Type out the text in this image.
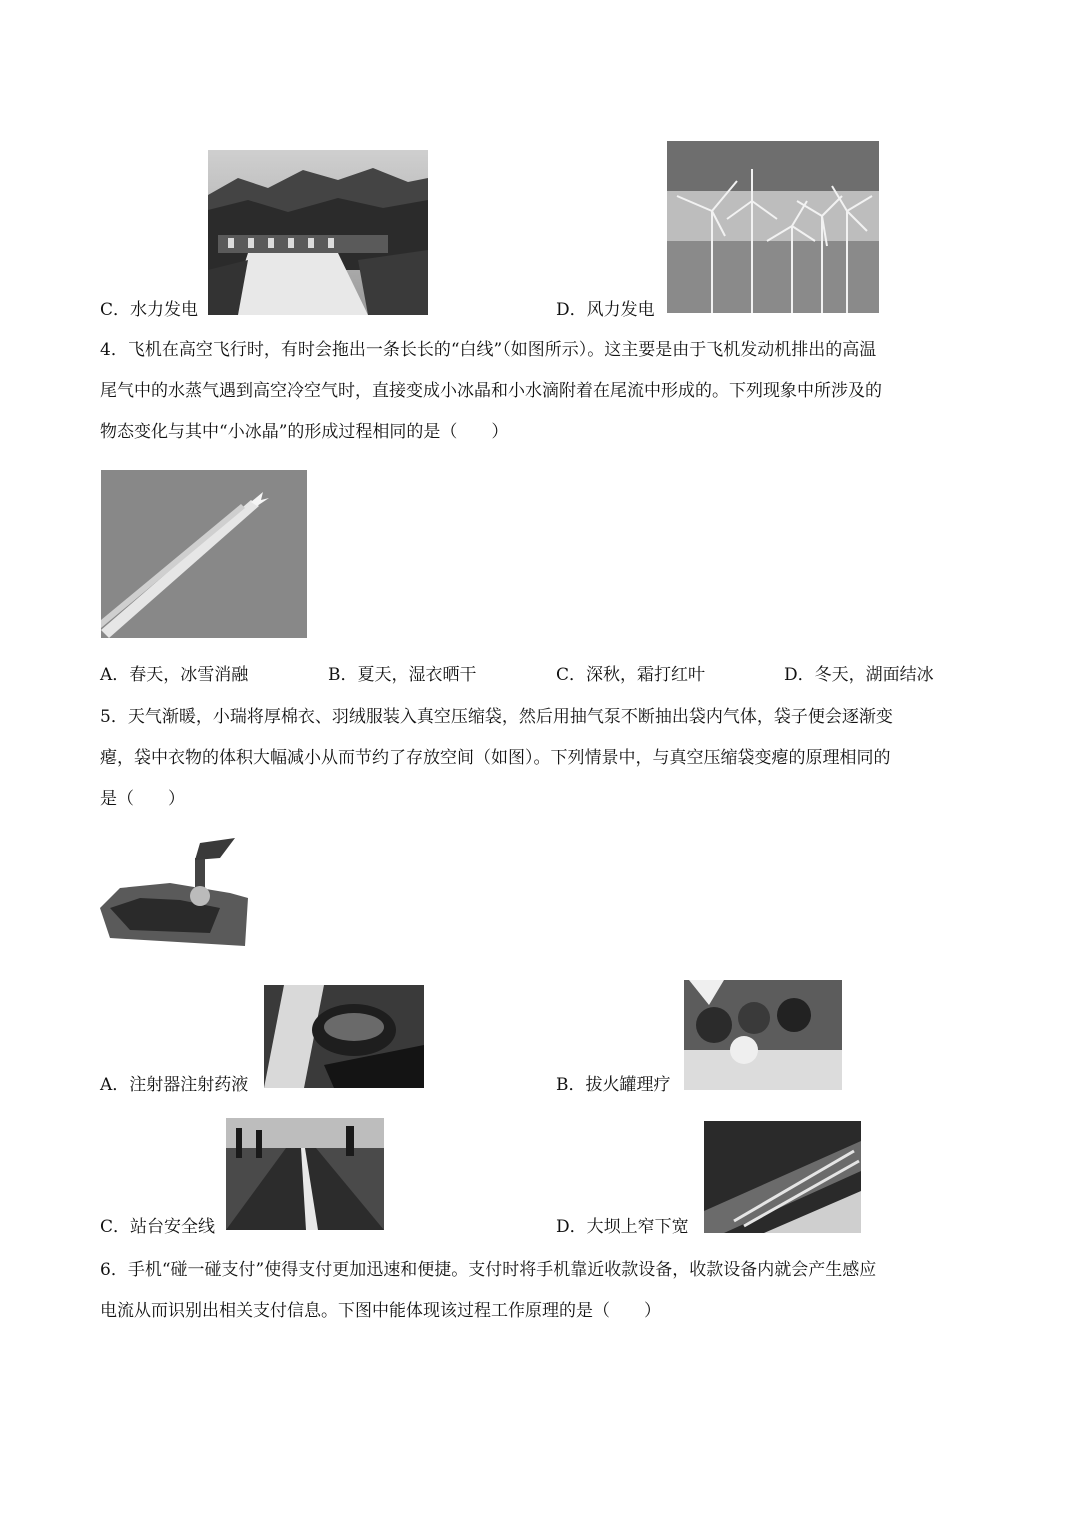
C．水力发电	D．风力发电
4．飞机在高空飞行时，有时会拖出一条长长的“白线”（如图所示）。这主要是由于飞机发动机排出的高温
尾气中的水蒸气遇到高空冷空气时，直接变成小冰晶和小水滴附着在尾流中形成的。下列现象中所涉及的
物态变化与其中“小冰晶”的形成过程相同的是（　　）
A．春天，冰雪消融	B．夏天，湿衣晒干	C．深秋，霜打红叶	D．冬天，湖面结冰
5．天气渐暖，小瑞将厚棉衣、羽绒服装入真空压缩袋，然后用抽气泵不断抽出袋内气体，袋子便会逐渐变
瘪，袋中衣物的体积大幅减小从而节约了存放空间（如图）。下列情景中，与真空压缩袋变瘪的原理相同的
是（　　）
A．注射器注射药液	B．拔火罐理疗
C．站台安全线	D．大坝上窄下宽
6．手机“碰一碰支付”使得支付更加迅速和便捷。支付时将手机靠近收款设备，收款设备内就会产生感应
电流从而识别出相关支付信息。下图中能体现该过程工作原理的是（　　）
